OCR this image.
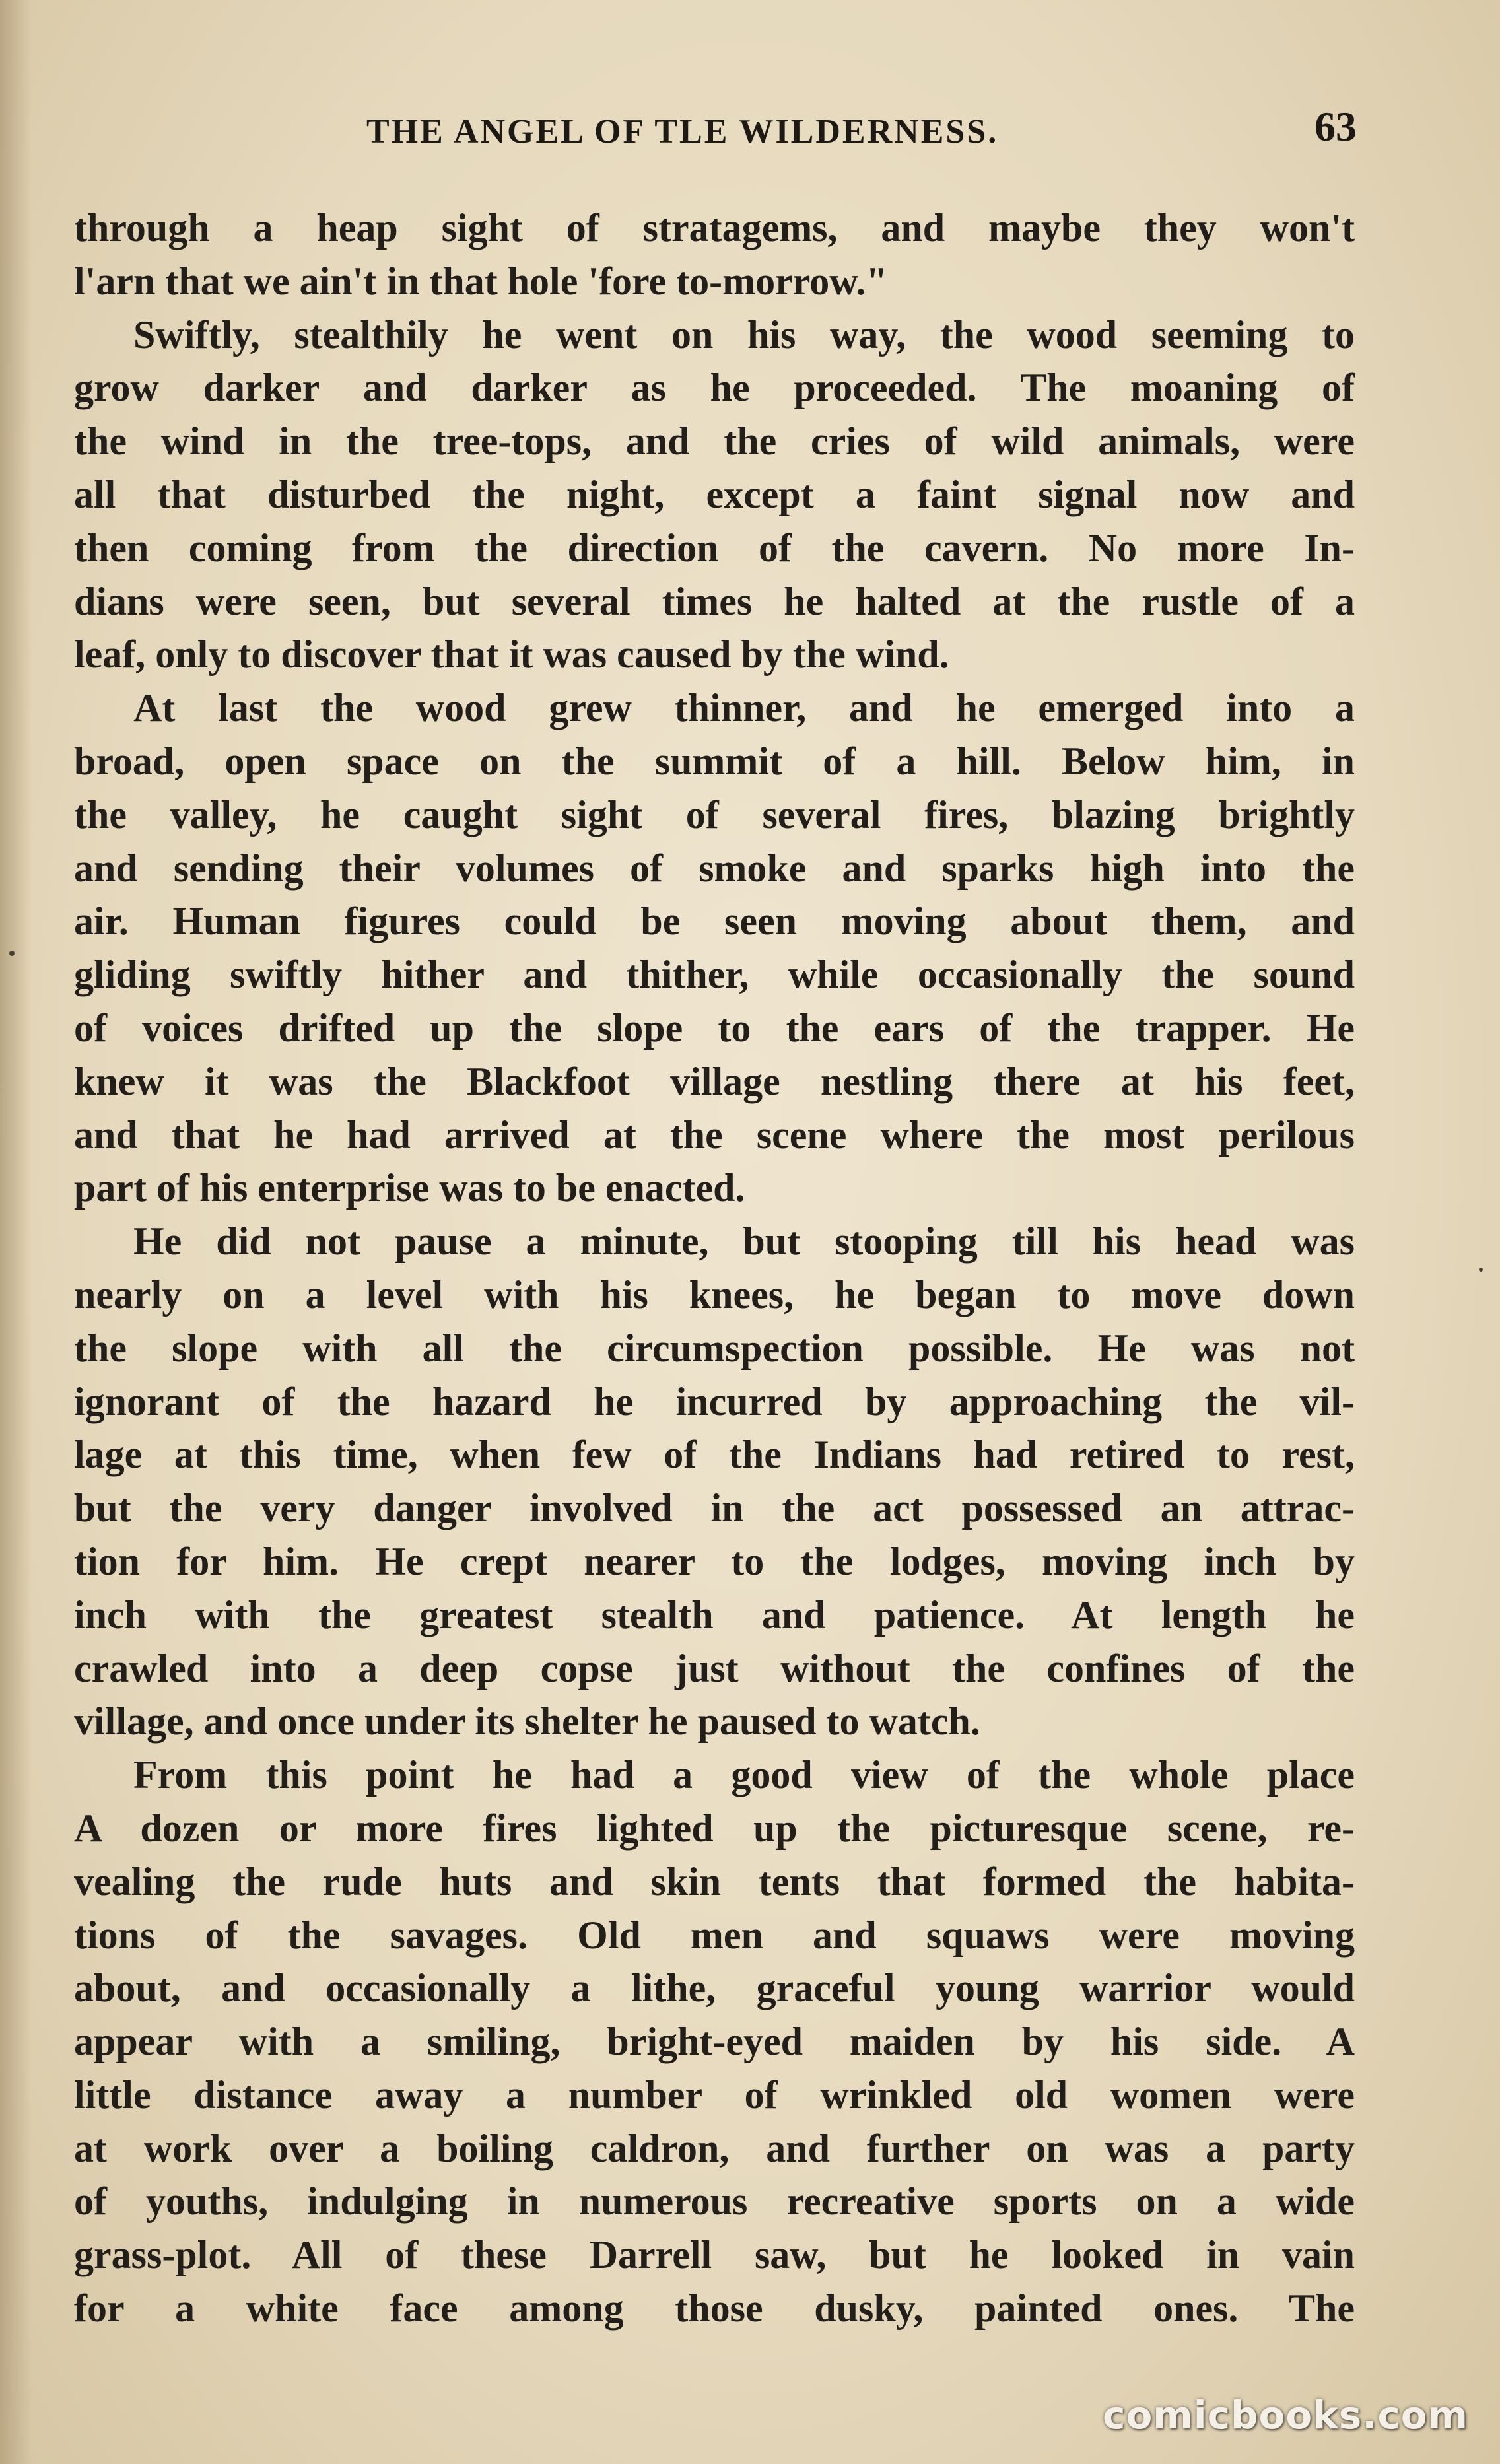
THE ANGEL OF TLE WILDERNESS.	63
through a heap sight of stratagems, and maybe they won't
l'arn that we ain't in that hole 'fore to-morrow."
Swiftly, stealthily he went on his way, the wood seeming to
grow darker and darker as he proceeded. The moaning of
the wind in the tree-tops, and the cries of wild animals, were
all that disturbed the night, except a faint signal now and
then coming from the direction of the cavern. No more In-
dians were seen, but several times he halted at the rustle of a
leaf, only to discover that it was caused by the wind.
At last the wood grew thinner, and he emerged into a
broad, open space on the summit of a hill. Below him, in
the valley, he caught sight of several fires, blazing brightly
and sending their volumes of smoke and sparks high into the
air. Human figures could be seen moving about them, and
gliding swiftly hither and thither, while occasionally the sound
of voices drifted up the slope to the ears of the trapper. He
knew it was the Blackfoot village nestling there at his feet,
and that he had arrived at the scene where the most perilous
part of his enterprise was to be enacted.
He did not pause a minute, but stooping till his head was
nearly on a level with his knees, he began to move down
the slope with all the circumspection possible. He was not
ignorant of the hazard he incurred by approaching the vil-
lage at this time, when few of the Indians had retired to rest,
but the very danger involved in the act possessed an attrac-
tion for him. He crept nearer to the lodges, moving inch by
inch with the greatest stealth and patience. At length he
crawled into a deep copse just without the confines of the
village, and once under its shelter he paused to watch.
From this point he had a good view of the whole place
A dozen or more fires lighted up the picturesque scene, re-
vealing the rude huts and skin tents that formed the habita-
tions of the savages. Old men and squaws were moving
about, and occasionally a lithe, graceful young warrior would
appear with a smiling, bright-eyed maiden by his side. A
little distance away a number of wrinkled old women were
at work over a boiling caldron, and further on was a party
of youths, indulging in numerous recreative sports on a wide
grass-plot. All of these Darrell saw, but he looked in vain
for a white face among those dusky, painted ones. The
comicbooks.com
